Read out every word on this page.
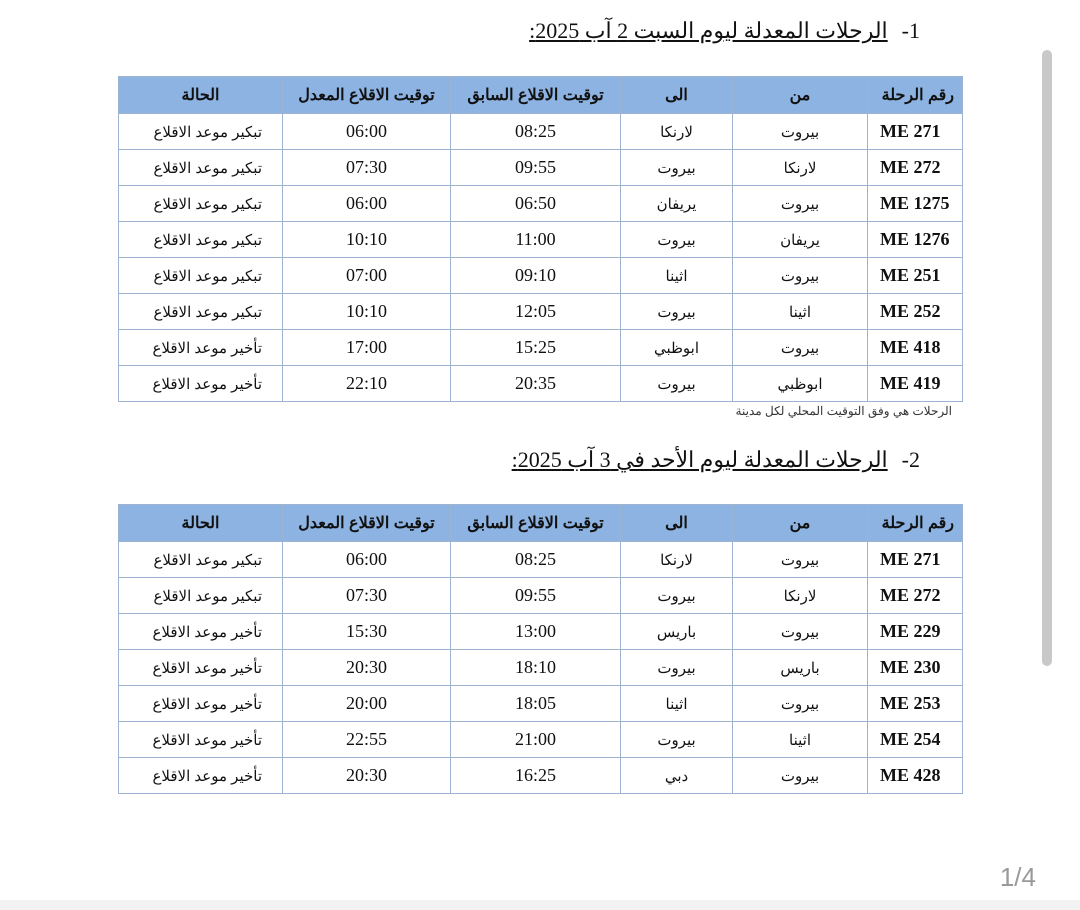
1-الرحلات المعدلة ليوم السبت 2 آب 2025:
رقم الرحلة	من	الى	توقيت الاقلاع السابق	توقيت الاقلاع المعدل	الحالة
ME 271	بيروت	لارنكا	08:25	06:00	تبكير موعد الاقلاع
ME 272	لارنكا	بيروت	09:55	07:30	تبكير موعد الاقلاع
ME 1275	بيروت	يريفان	06:50	06:00	تبكير موعد الاقلاع
ME 1276	يريفان	بيروت	11:00	10:10	تبكير موعد الاقلاع
ME 251	بيروت	اثينا	09:10	07:00	تبكير موعد الاقلاع
ME 252	اثينا	بيروت	12:05	10:10	تبكير موعد الاقلاع
ME 418	بيروت	ابوظبي	15:25	17:00	تأخير موعد الاقلاع
ME 419	ابوظبي	بيروت	20:35	22:10	تأخير موعد الاقلاع
الرحلات هي وفق التوقيت المحلي لكل مدينة
2-الرحلات المعدلة ليوم الأحد في 3 آب 2025:
رقم الرحلة	من	الى	توقيت الاقلاع السابق	توقيت الاقلاع المعدل	الحالة
ME 271	بيروت	لارنكا	08:25	06:00	تبكير موعد الاقلاع
ME 272	لارنكا	بيروت	09:55	07:30	تبكير موعد الاقلاع
ME 229	بيروت	باريس	13:00	15:30	تأخير موعد الاقلاع
ME 230	باريس	بيروت	18:10	20:30	تأخير موعد الاقلاع
ME 253	بيروت	اثينا	18:05	20:00	تأخير موعد الاقلاع
ME 254	اثينا	بيروت	21:00	22:55	تأخير موعد الاقلاع
ME 428	بيروت	دبي	16:25	20:30	تأخير موعد الاقلاع
1/4
